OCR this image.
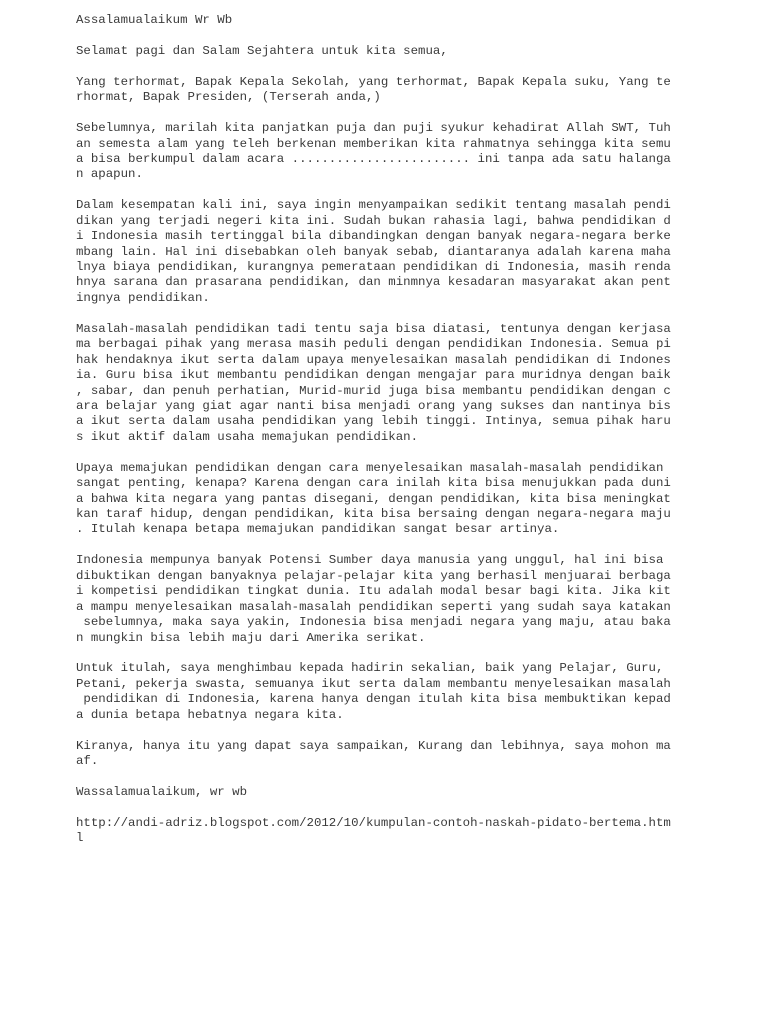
Assalamualaikum Wr Wb
Selamat pagi dan Salam Sejahtera untuk kita semua,
Yang terhormat, Bapak Kepala Sekolah, yang terhormat, Bapak Kepala suku, Yang te
rhormat, Bapak Presiden, (Terserah anda,)
Sebelumnya, marilah kita panjatkan puja dan puji syukur kehadirat Allah SWT, Tuh
an semesta alam yang teleh berkenan memberikan kita rahmatnya sehingga kita semu
a bisa berkumpul dalam acara ........................ ini tanpa ada satu halanga
n apapun.
Dalam kesempatan kali ini, saya ingin menyampaikan sedikit tentang masalah pendi
dikan yang terjadi negeri kita ini. Sudah bukan rahasia lagi, bahwa pendidikan d
i Indonesia masih tertinggal bila dibandingkan dengan banyak negara-negara berke
mbang lain. Hal ini disebabkan oleh banyak sebab, diantaranya adalah karena maha
lnya biaya pendidikan, kurangnya pemerataan pendidikan di Indonesia, masih renda
hnya sarana dan prasarana pendidikan, dan minmnya kesadaran masyarakat akan pent
ingnya pendidikan.
Masalah-masalah pendidikan tadi tentu saja bisa diatasi, tentunya dengan kerjasa
ma berbagai pihak yang merasa masih peduli dengan pendidikan Indonesia. Semua pi
hak hendaknya ikut serta dalam upaya menyelesaikan masalah pendidikan di Indones
ia. Guru bisa ikut membantu pendidikan dengan mengajar para muridnya dengan baik
, sabar, dan penuh perhatian, Murid-murid juga bisa membantu pendidikan dengan c
ara belajar yang giat agar nanti bisa menjadi orang yang sukses dan nantinya bis
a ikut serta dalam usaha pendidikan yang lebih tinggi. Intinya, semua pihak haru
s ikut aktif dalam usaha memajukan pendidikan.
Upaya memajukan pendidikan dengan cara menyelesaikan masalah-masalah pendidikan
sangat penting, kenapa? Karena dengan cara inilah kita bisa menujukkan pada duni
a bahwa kita negara yang pantas disegani, dengan pendidikan, kita bisa meningkat
kan taraf hidup, dengan pendidikan, kita bisa bersaing dengan negara-negara maju
. Itulah kenapa betapa memajukan pandidikan sangat besar artinya.
Indonesia mempunya banyak Potensi Sumber daya manusia yang unggul, hal ini bisa
dibuktikan dengan banyaknya pelajar-pelajar kita yang berhasil menjuarai berbaga
i kompetisi pendidikan tingkat dunia. Itu adalah modal besar bagi kita. Jika kit
a mampu menyelesaikan masalah-masalah pendidikan seperti yang sudah saya katakan
sebelumnya, maka saya yakin, Indonesia bisa menjadi negara yang maju, atau baka
n mungkin bisa lebih maju dari Amerika serikat.
Untuk itulah, saya menghimbau kepada hadirin sekalian, baik yang Pelajar, Guru,
Petani, pekerja swasta, semuanya ikut serta dalam membantu menyelesaikan masalah
pendidikan di Indonesia, karena hanya dengan itulah kita bisa membuktikan kepad
a dunia betapa hebatnya negara kita.
Kiranya, hanya itu yang dapat saya sampaikan, Kurang dan lebihnya, saya mohon ma
af.
Wassalamualaikum, wr wb
http://andi-adriz.blogspot.com/2012/10/kumpulan-contoh-naskah-pidato-bertema.htm
l
